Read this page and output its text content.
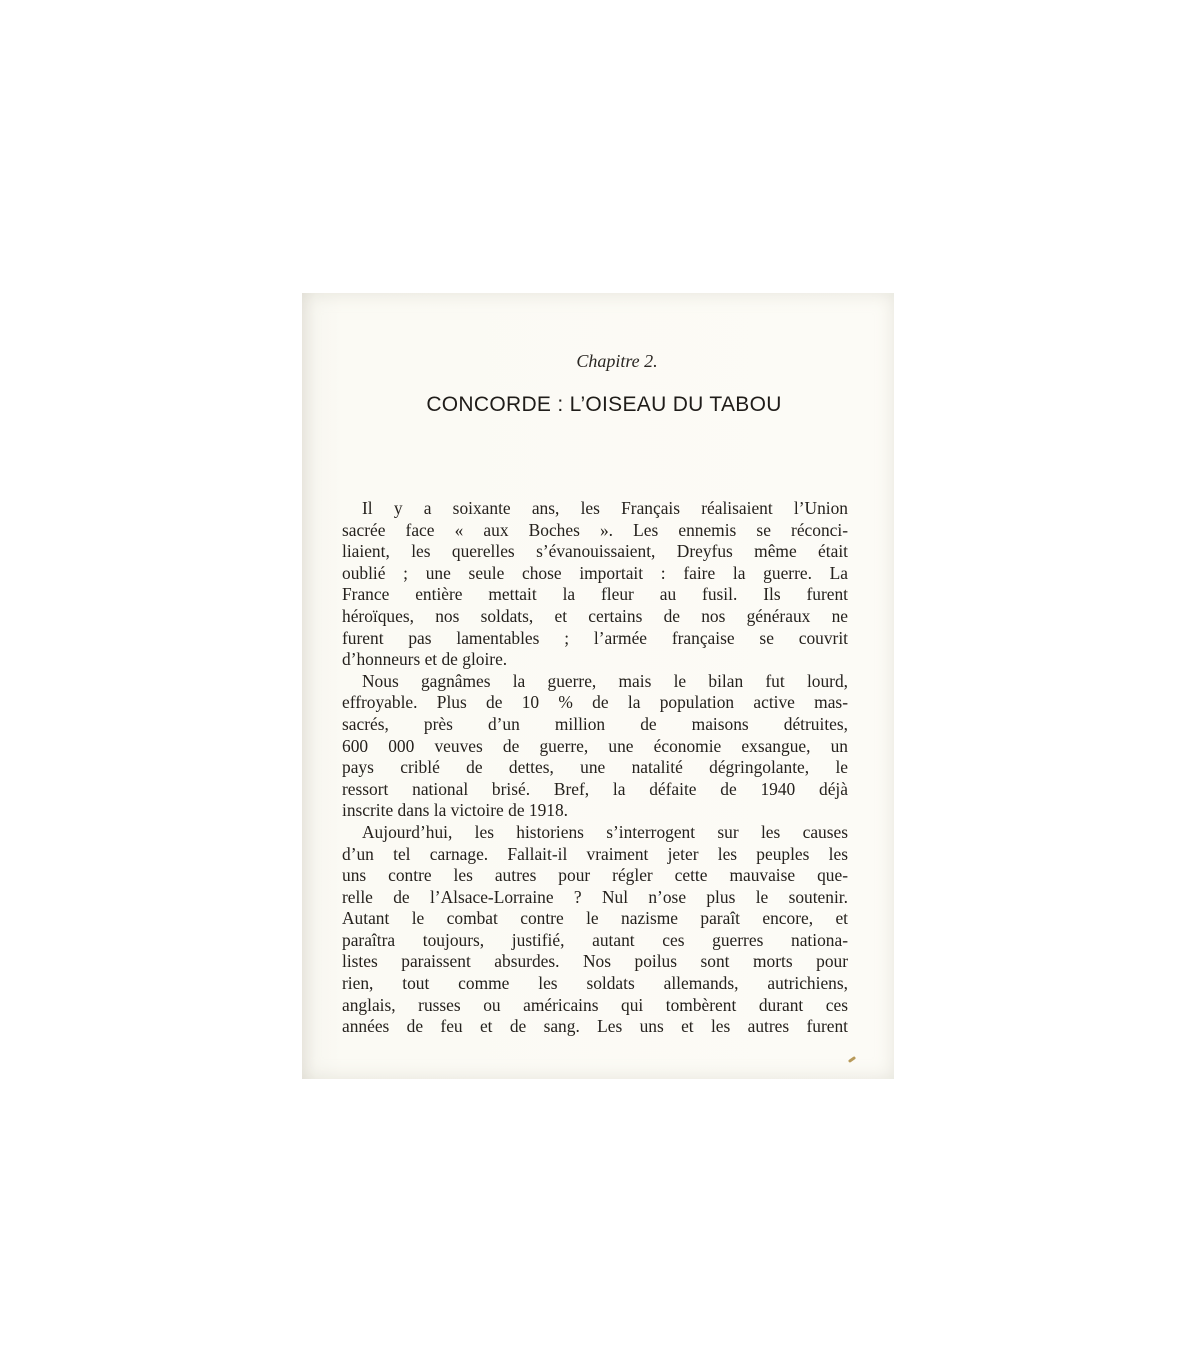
Chapitre 2.
CONCORDE : L’OISEAU DU TABOU
Il y a soixante ans, les Français réalisaient l’Union
sacrée face « aux Boches ». Les ennemis se réconci-
liaient, les querelles s’évanouissaient, Dreyfus même était
oublié ; une seule chose importait : faire la guerre. La
France entière mettait la fleur au fusil. Ils furent
héroïques, nos soldats, et certains de nos généraux ne
furent pas lamentables ; l’armée française se couvrit
d’honneurs et de gloire.
Nous gagnâmes la guerre, mais le bilan fut lourd,
effroyable. Plus de 10 % de la population active mas-
sacrés, près d’un million de maisons détruites,
600 000 veuves de guerre, une économie exsangue, un
pays criblé de dettes, une natalité dégringolante, le
ressort national brisé. Bref, la défaite de 1940 déjà
inscrite dans la victoire de 1918.
Aujourd’hui, les historiens s’interrogent sur les causes
d’un tel carnage. Fallait-il vraiment jeter les peuples les
uns contre les autres pour régler cette mauvaise que-
relle de l’Alsace-Lorraine ? Nul n’ose plus le soutenir.
Autant le combat contre le nazisme paraît encore, et
paraîtra toujours, justifié, autant ces guerres nationa-
listes paraissent absurdes. Nos poilus sont morts pour
rien, tout comme les soldats allemands, autrichiens,
anglais, russes ou américains qui tombèrent durant ces
années de feu et de sang. Les uns et les autres furent
